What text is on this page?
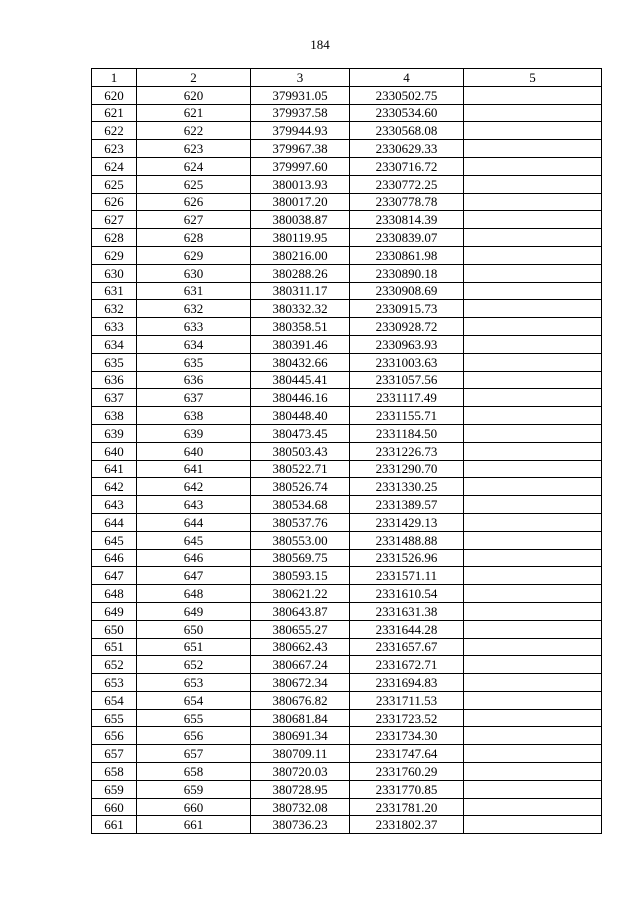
184
1	2	3	4	5
620	620	379931.05	2330502.75	
621	621	379937.58	2330534.60	
622	622	379944.93	2330568.08	
623	623	379967.38	2330629.33	
624	624	379997.60	2330716.72	
625	625	380013.93	2330772.25	
626	626	380017.20	2330778.78	
627	627	380038.87	2330814.39	
628	628	380119.95	2330839.07	
629	629	380216.00	2330861.98	
630	630	380288.26	2330890.18	
631	631	380311.17	2330908.69	
632	632	380332.32	2330915.73	
633	633	380358.51	2330928.72	
634	634	380391.46	2330963.93	
635	635	380432.66	2331003.63	
636	636	380445.41	2331057.56	
637	637	380446.16	2331117.49	
638	638	380448.40	2331155.71	
639	639	380473.45	2331184.50	
640	640	380503.43	2331226.73	
641	641	380522.71	2331290.70	
642	642	380526.74	2331330.25	
643	643	380534.68	2331389.57	
644	644	380537.76	2331429.13	
645	645	380553.00	2331488.88	
646	646	380569.75	2331526.96	
647	647	380593.15	2331571.11	
648	648	380621.22	2331610.54	
649	649	380643.87	2331631.38	
650	650	380655.27	2331644.28	
651	651	380662.43	2331657.67	
652	652	380667.24	2331672.71	
653	653	380672.34	2331694.83	
654	654	380676.82	2331711.53	
655	655	380681.84	2331723.52	
656	656	380691.34	2331734.30	
657	657	380709.11	2331747.64	
658	658	380720.03	2331760.29	
659	659	380728.95	2331770.85	
660	660	380732.08	2331781.20	
661	661	380736.23	2331802.37	
